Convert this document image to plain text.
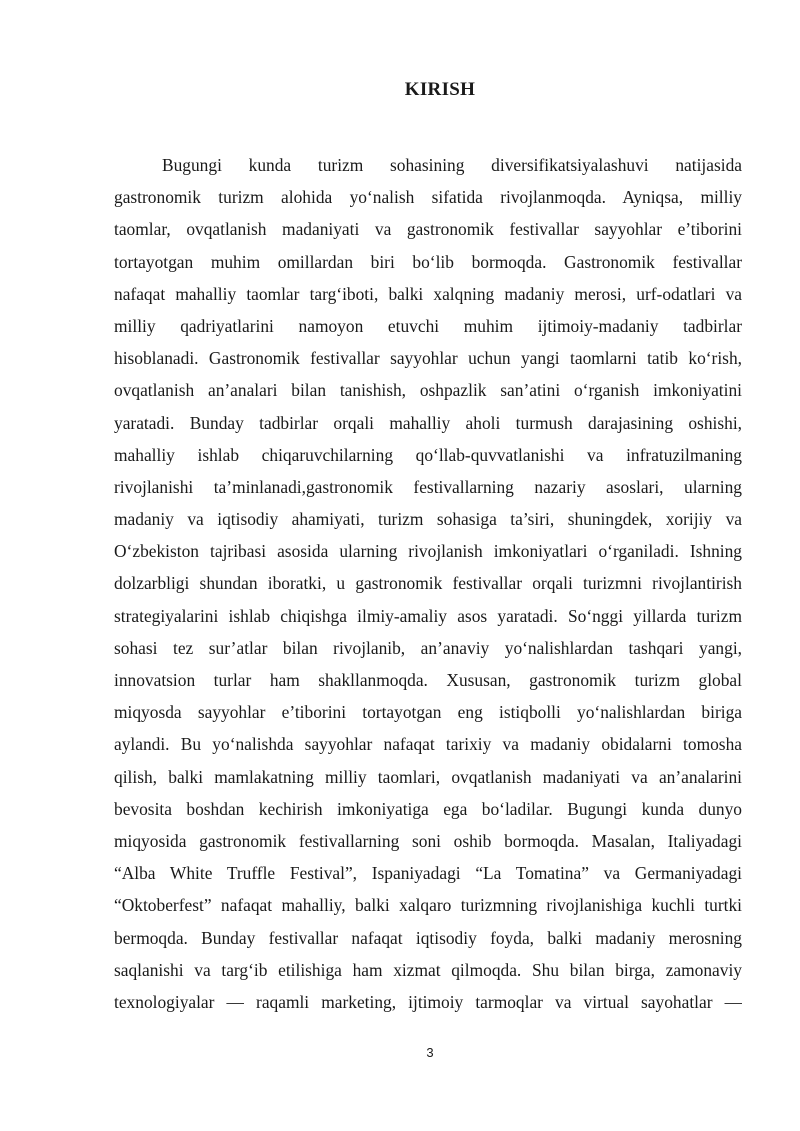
KIRISH
Bugungi kunda turizm sohasining diversifikatsiyalashuvi natijasida
gastronomik turizm alohida yo‘nalish sifatida rivojlanmoqda. Ayniqsa, milliy
taomlar, ovqatlanish madaniyati va gastronomik festivallar sayyohlar e’tiborini
tortayotgan muhim omillardan biri bo‘lib bormoqda. Gastronomik festivallar
nafaqat mahalliy taomlar targ‘iboti, balki xalqning madaniy merosi, urf-odatlari va
milliy qadriyatlarini namoyon etuvchi muhim ijtimoiy-madaniy tadbirlar
hisoblanadi. Gastronomik festivallar sayyohlar uchun yangi taomlarni tatib ko‘rish,
ovqatlanish an’analari bilan tanishish, oshpazlik san’atini o‘rganish imkoniyatini
yaratadi. Bunday tadbirlar orqali mahalliy aholi turmush darajasining oshishi,
mahalliy ishlab chiqaruvchilarning qo‘llab-quvvatlanishi va infratuzilmaning
rivojlanishi ta’minlanadi,gastronomik festivallarning nazariy asoslari, ularning
madaniy va iqtisodiy ahamiyati, turizm sohasiga ta’siri, shuningdek, xorijiy va
O‘zbekiston tajribasi asosida ularning rivojlanish imkoniyatlari o‘rganiladi. Ishning
dolzarbligi shundan iboratki, u gastronomik festivallar orqali turizmni rivojlantirish
strategiyalarini ishlab chiqishga ilmiy-amaliy asos yaratadi. So‘nggi yillarda turizm
sohasi tez sur’atlar bilan rivojlanib, an’anaviy yo‘nalishlardan tashqari yangi,
innovatsion turlar ham shakllanmoqda. Xususan, gastronomik turizm global
miqyosda sayyohlar e’tiborini tortayotgan eng istiqbolli yo‘nalishlardan biriga
aylandi. Bu yo‘nalishda sayyohlar nafaqat tarixiy va madaniy obidalarni tomosha
qilish, balki mamlakatning milliy taomlari, ovqatlanish madaniyati va an’analarini
bevosita boshdan kechirish imkoniyatiga ega bo‘ladilar. Bugungi kunda dunyo
miqyosida gastronomik festivallarning soni oshib bormoqda. Masalan, Italiyadagi
“Alba White Truffle Festival”, Ispaniyadagi “La Tomatina” va Germaniyadagi
“Oktoberfest” nafaqat mahalliy, balki xalqaro turizmning rivojlanishiga kuchli turtki
bermoqda. Bunday festivallar nafaqat iqtisodiy foyda, balki madaniy merosning
saqlanishi va targ‘ib etilishiga ham xizmat qilmoqda. Shu bilan birga, zamonaviy
texnologiyalar — raqamli marketing, ijtimoiy tarmoqlar va virtual sayohatlar —
3
